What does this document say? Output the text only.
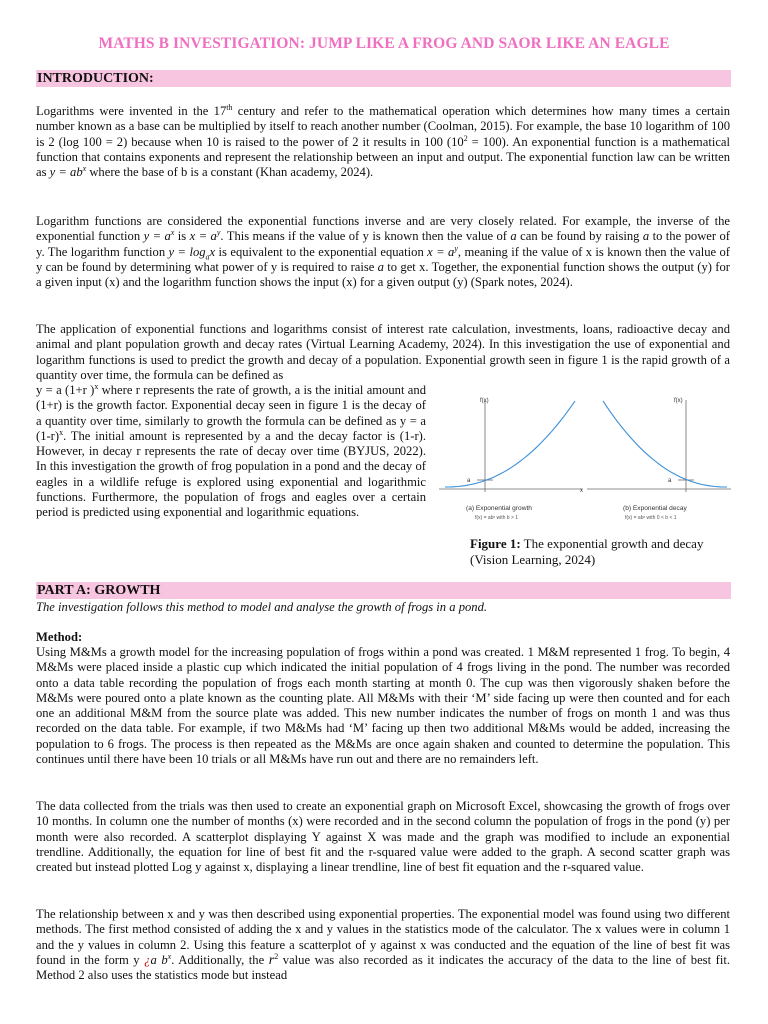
MATHS B INVESTIGATION: JUMP LIKE A FROG AND SAOR LIKE AN EAGLE
INTRODUCTION:

Logarithms were invented in the 17th century and refer to the mathematical operation which determines how many times a certain number known as a base can be multiplied by itself to reach another number (Coolman, 2015). For example, the base 10 logarithm of 100 is 2 (log 100 = 2) because when 10 is raised to the power of 2 it results in 100 $(10^2 = 100)$. An exponential function is a mathematical function that contains exponents and represent the relationship between an input and output. The exponential function law can be written as $y = ab^x$ where the base of b is a constant (Khan academy, 2024).

Logarithm functions are considered the exponential functions inverse and are very closely related. For example, the inverse of the exponential function $y = a^x$ is $x = a^y$. This means if the value of y is known then the value of a can be found by raising a to the power of y. The logarithm function $y = \log_ax$ is equivalent to the exponential equation $x = a^y$, meaning if the value of x is known then the value of y can be found by determining what power of y is required to raise a to get x. Together, the exponential function shows the output (y) for a given input (x) and the logarithm function shows the input (x) for a given output (y) (Spark notes, 2024).

The application of exponential functions and logarithms consist of interest rate calculation, investments, loans, radioactive decay and animal and plant population growth and decay rates (Virtual Learning Academy, 2024). In this investigation the use of exponential and logarithm functions is used to predict the growth and decay of a population. Exponential growth seen in figure 1 is the rapid growth of a quantity over time, the formula can be defined as

y = a (1+r )$^x$ where r represents the rate of growth, a is the initial amount and (1+r) is the growth factor. Exponential decay seen in figure 1 is the decay of a quantity over time, similarly to growth the formula can be defined as y = a $(1-r)^x$. The initial amount is represented by a and the decay factor is (1-r). However, in decay r represents the rate of decay over time (BYJUS, 2022). In this investigation the growth of frog population in a pond and the decay of eagles in a wildlife refuge is explored using exponential and logarithmic functions. Furthermore, the population of frogs and eagles over a certain period is predicted using exponential and logarithmic equations.

f(x)	f(x)
a	a
x
(a) Exponential growth
f(x) = abˣ with b > 1
(b) Exponential decay
f(x) = abˣ with 0 < b < 1
Figure 1: The exponential growth and decay (Vision Learning, 2024)
PART A: GROWTH

The investigation follows this method to model and analyse the growth of frogs in a pond.

Method:

Using M&Ms a growth model for the increasing population of frogs within a pond was created. 1 M&M represented 1 frog. To begin, 4 M&Ms were placed inside a plastic cup which indicated the initial population of 4 frogs living in the pond. The number was recorded onto a data table recording the population of frogs each month starting at month 0. The cup was then vigorously shaken before the M&Ms were poured onto a plate known as the counting plate. All M&Ms with their ‘M’ side facing up were then counted and for each one an additional M&M from the source plate was added. This new number indicates the number of frogs on month 1 and was thus recorded on the data table. For example, if two M&Ms had ‘M’ facing up then two additional M&Ms would be added, increasing the population to 6 frogs. The process is then repeated as the M&Ms are once again shaken and counted to determine the population. This continues until there have been 10 trials or all M&Ms have run out and there are no remainders left.

The data collected from the trials was then used to create an exponential graph on Microsoft Excel, showcasing the growth of frogs over 10 months. In column one the number of months (x) were recorded and in the second column the population of frogs in the pond (y) per month were also recorded. A scatterplot displaying Y against X was made and the graph was modified to include an exponential trendline. Additionally, the equation for line of best fit and the r-squared value were added to the graph. A second scatter graph was created but instead plotted Log y against x, displaying a linear trendline, line of best fit equation and the r-squared value.

The relationship between x and y was then described using exponential properties. The exponential model was found using two different methods. The first method consisted of adding the x and y values in the statistics mode of the calculator. The x values were in column 1 and the y values in column 2. Using this feature a scatterplot of y against x was conducted and the equation of the line of best fit was found in the form y ¿a $b^x$. Additionally, the $r^2$ value was also recorded as it indicates the accuracy of the data to the line of best fit. Method 2 also uses the statistics mode but instead
